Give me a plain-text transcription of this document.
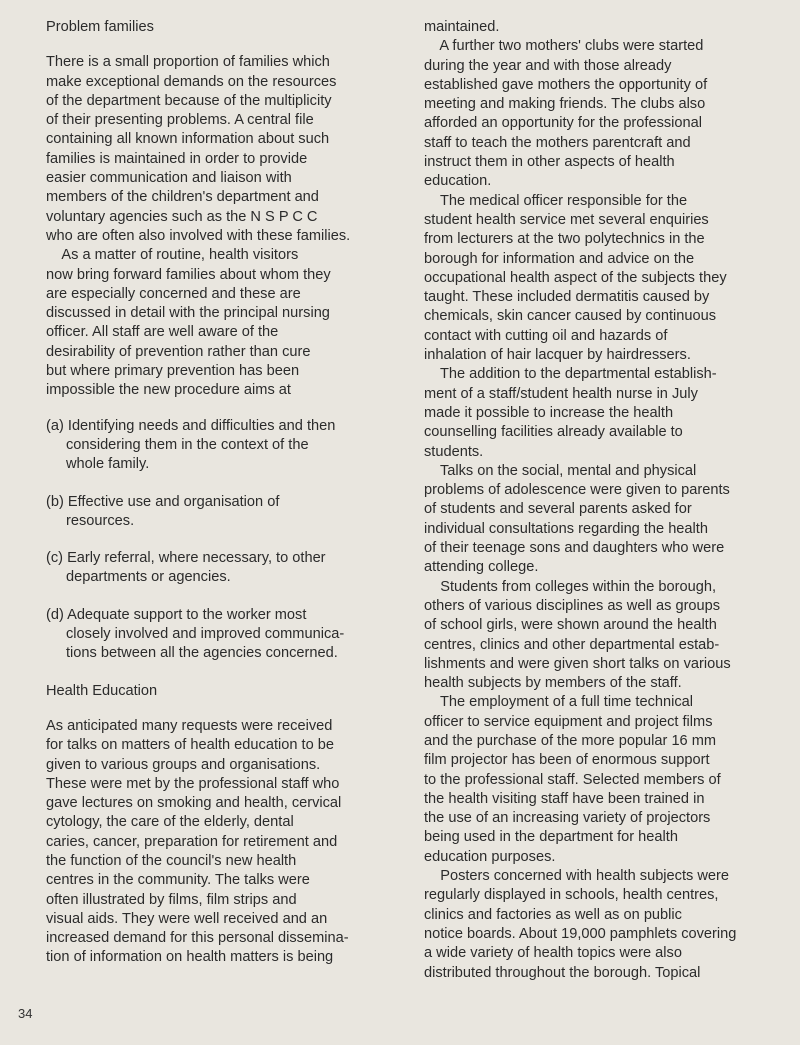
Problem families
There is a small proportion of families which
make exceptional demands on the resources
of the department because of the multiplicity
of their presenting problems. A central file
containing all known information about such
families is maintained in order to provide
easier communication and liaison with
members of the children's department and
voluntary agencies such as the N S P C C
who are often also involved with these families.
As a matter of routine, health visitors
now bring forward families about whom they
are especially concerned and these are
discussed in detail with the principal nursing
officer. All staff are well aware of the
desirability of prevention rather than cure
but where primary prevention has been
impossible the new procedure aims at
(a) Identifying needs and difficulties and then
considering them in the context of the
whole family.
(b) Effective use and organisation of
resources.
(c) Early referral, where necessary, to other
departments or agencies.
(d) Adequate support to the worker most
closely involved and improved communica-
tions between all the agencies concerned.
Health Education
As anticipated many requests were received
for talks on matters of health education to be
given to various groups and organisations.
These were met by the professional staff who
gave lectures on smoking and health, cervical
cytology, the care of the elderly, dental
caries, cancer, preparation for retirement and
the function of the council's new health
centres in the community. The talks were
often illustrated by films, film strips and
visual aids. They were well received and an
increased demand for this personal dissemina-
tion of information on health matters is being
maintained.
A further two mothers' clubs were started
during the year and with those already
established gave mothers the opportunity of
meeting and making friends. The clubs also
afforded an opportunity for the professional
staff to teach the mothers parentcraft and
instruct them in other aspects of health
education.
The medical officer responsible for the
student health service met several enquiries
from lecturers at the two polytechnics in the
borough for information and advice on the
occupational health aspect of the subjects they
taught. These included dermatitis caused by
chemicals, skin cancer caused by continuous
contact with cutting oil and hazards of
inhalation of hair lacquer by hairdressers.
The addition to the departmental establish-
ment of a staff/student health nurse in July
made it possible to increase the health
counselling facilities already available to
students.
Talks on the social, mental and physical
problems of adolescence were given to parents
of students and several parents asked for
individual consultations regarding the health
of their teenage sons and daughters who were
attending college.
Students from colleges within the borough,
others of various disciplines as well as groups
of school girls, were shown around the health
centres, clinics and other departmental estab-
lishments and were given short talks on various
health subjects by members of the staff.
The employment of a full time technical
officer to service equipment and project films
and the purchase of the more popular 16 mm
film projector has been of enormous support
to the professional staff. Selected members of
the health visiting staff have been trained in
the use of an increasing variety of projectors
being used in the department for health
education purposes.
Posters concerned with health subjects were
regularly displayed in schools, health centres,
clinics and factories as well as on public
notice boards. About 19,000 pamphlets covering
a wide variety of health topics were also
distributed throughout the borough. Topical
34
